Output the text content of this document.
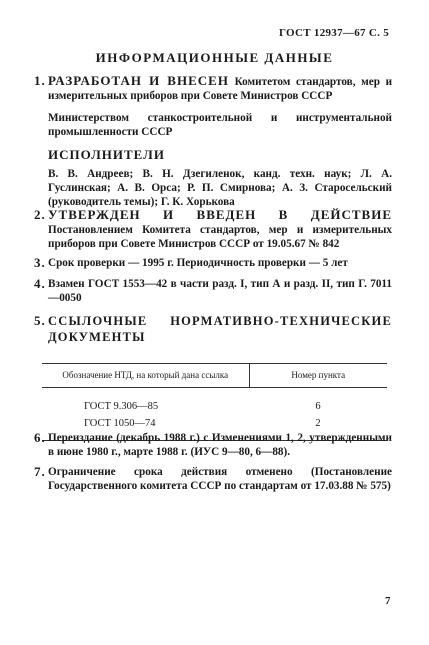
ГОСТ 12937—67 С. 5
ИНФОРМАЦИОННЫЕ ДАННЫЕ
1. РАЗРАБОТАН И ВНЕСЕН Комитетом стандартов, мер и измерительных приборов при Совете Министров СССР
Министерством станкостроительной и инструментальной промышленности СССР
ИСПОЛНИТЕЛИ
В. В. Андреев; В. Н. Дзегиленок, канд. техн. наук; Л. А. Гуслинская; А. В. Орса; Р. П. Смирнова; А. З. Старосельский (руководитель темы); Г. К. Хорькова
2. УТВЕРЖДЕН И ВВЕДЕН В ДЕЙСТВИЕ Постановлением Комитета стандартов, мер и измерительных приборов при Совете Министров СССР от 19.05.67 № 842
3. Срок проверки — 1995 г. Периодичность проверки — 5 лет
4. Взамен ГОСТ 1553—42 в части разд. I, тип А и разд. II, тип Г. 7011—0050
5. ССЫЛОЧНЫЕ НОРМАТИВНО-ТЕХНИЧЕСКИЕ ДОКУМЕНТЫ
Обозначение НТД, на который дана ссылка	Номер пункта
ГОСТ 9.306—85	6
ГОСТ 1050—74	2
6. Переиздание (декабрь 1988 г.) с Изменениями 1, 2, утвержденными в июне 1980 г., марте 1988 г. (ИУС 9—80, 6—88).
7. Ограничение срока действия отменено (Постановление Государственного комитета СССР по стандартам от 17.03.88 № 575)
7
